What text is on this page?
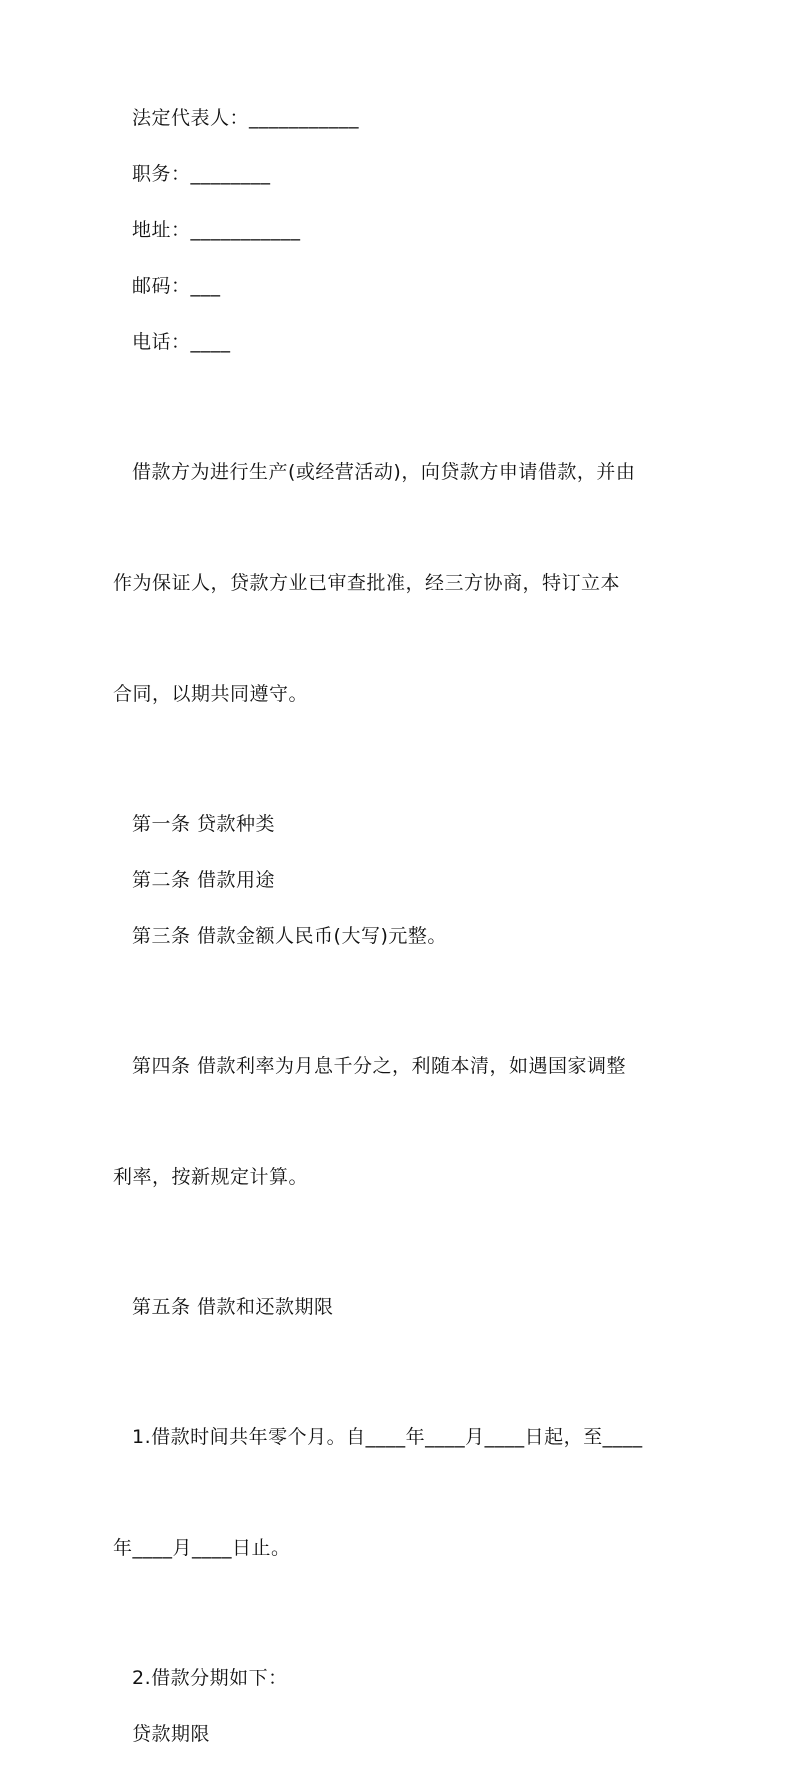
法定代表人：___________

职务：________

地址：___________

邮码：___

电话：____

借款方为进行生产(或经营活动)，向贷款方申请借款，并由

作为保证人，贷款方业已审查批准，经三方协商，特订立本

合同，以期共同遵守。

第一条 贷款种类

第二条 借款用途

第三条 借款金额人民币(大写)元整。

第四条 借款利率为月息千分之，利随本清，如遇国家调整

利率，按新规定计算。

第五条 借款和还款期限

1.借款时间共年零个月。自____年____月____日起，至____

年____月____日止。

2.借款分期如下：

贷款期限
